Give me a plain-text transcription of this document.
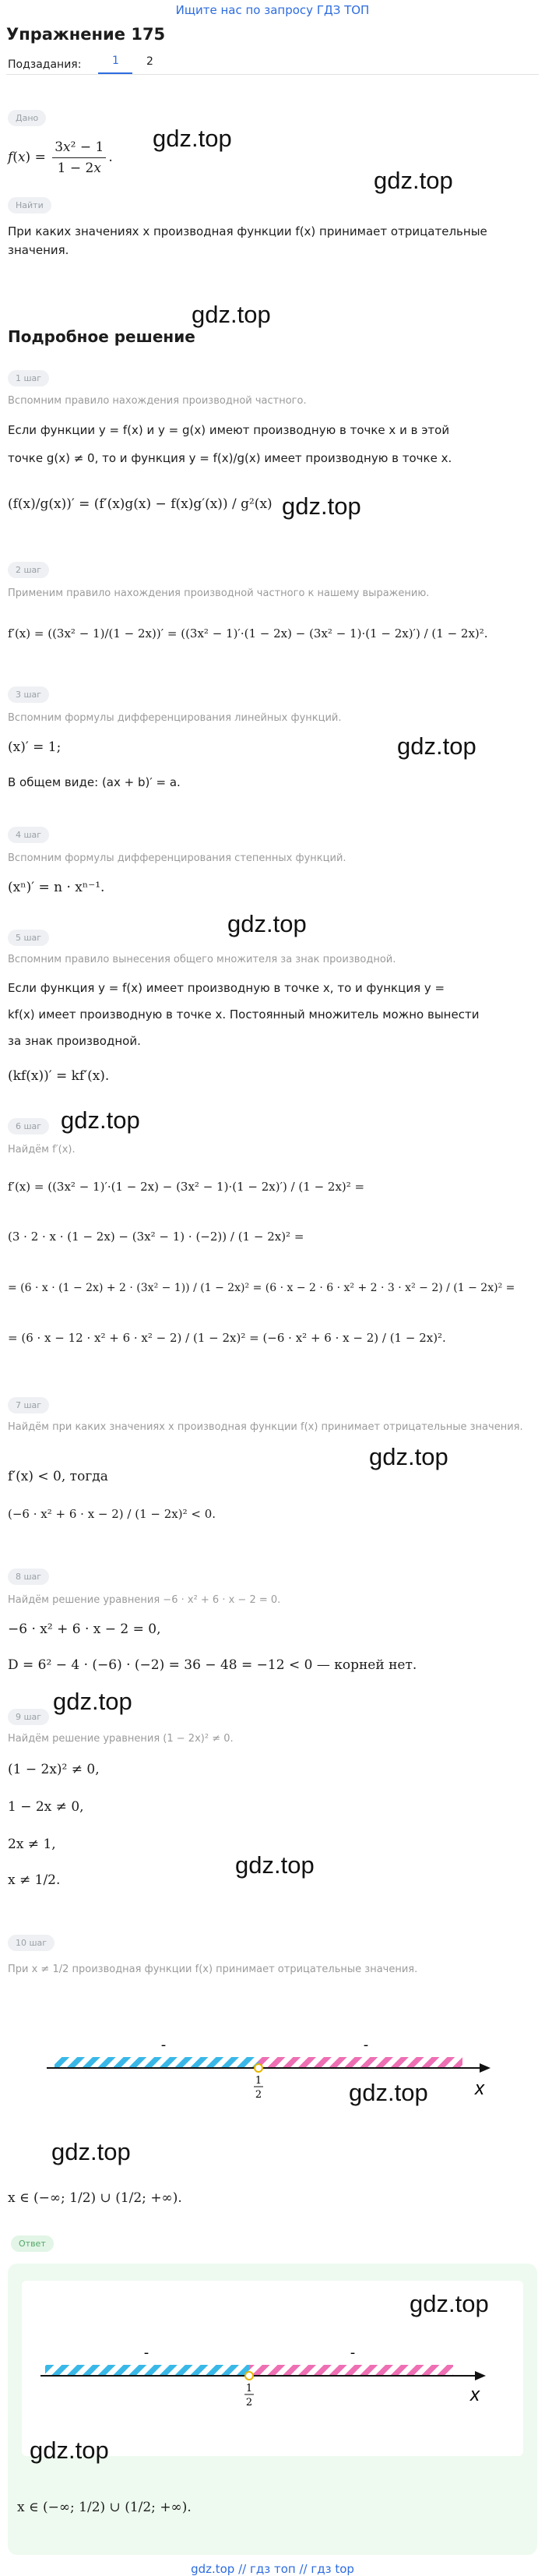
Ищите нас по запросу ГДЗ ТОП
Упражнение 175
Подзадания:	1	2
Дано
$f(x) = \frac{\text{3x² − 1}}{1 - 2x}$ .
gdz.top
gdz.top
Найти
При каких значениях x производная функции f(x) принимает отрицательные значения.
gdz.top
Подробное решение
1 шаг
Вспомним правило нахождения производной частного.
Если функции y = f(x) и y = g(x) имеют производную в точке x и в этой
точке g(x) ≠ 0, то и функция y = f(x)/g(x) имеет производную в точке x.
(f(x)/g(x))′ = (f′(x)g(x) − f(x)g′(x)) / g²(x) gdz.top
2 шаг
Применим правило нахождения производной частного к нашему выражению.
f′(x) = ((3x² − 1)/(1 − 2x))′ = ((3x² − 1)′·(1 − 2x) − (3x² − 1)·(1 − 2x)′) / (1 − 2x)².
3 шаг
Вспомним формулы дифференцирования линейных функций.
(x)′ = 1;
В общем виде: (ax + b)′ = a.
gdz.top
4 шаг
Вспомним формулы дифференцирования степенных функций.
(xⁿ)′ = n · xⁿ⁻¹.
gdz.top
5 шаг
Вспомним правило вынесения общего множителя за знак производной.
Если функция y = f(x) имеет производную в точке x, то и функция y =
kf(x) имеет производную в точке x. Постоянный множитель можно вынести
за знак производной.
(kf(x))′ = kf′(x).
6 шаг gdz.top
Найдём f′(x).
f′(x) = ((3x² − 1)′·(1 − 2x) − (3x² − 1)·(1 − 2x)′) / (1 − 2x)² =
(3 · 2 · x · (1 − 2x) − (3x² − 1) · (−2)) / (1 − 2x)² =
= (6 · x · (1 − 2x) + 2 · (3x² − 1)) / (1 − 2x)² = (6 · x − 2 · 6 · x² + 2 · 3 · x² − 2) / (1 − 2x)² =
= (6 · x − 12 · x² + 6 · x² − 2) / (1 − 2x)² = (−6 · x² + 6 · x − 2) / (1 − 2x)².
7 шаг
Найдём при каких значениях x производная функции f(x) принимает отрицательные значения.
gdz.top
f′(x) < 0, тогда
(−6 · x² + 6 · x − 2) / (1 − 2x)² < 0.
8 шаг
Найдём решение уравнения −6 · x² + 6 · x − 2 = 0.
−6 · x² + 6 · x − 2 = 0,
D = 6² − 4 · (−6) · (−2) = 36 − 48 = −12 < 0 — корней нет.
gdz.top
9 шаг
Найдём решение уравнения (1 − 2x)² ≠ 0.
(1 − 2x)² ≠ 0,
1 − 2x ≠ 0,
2x ≠ 1,
x ≠ 1/2.
gdz.top
10 шаг
При x ≠ 1/2 производная функции f(x) принимает отрицательные значения.
-	-
1
2	x
gdz.top
gdz.top
x ∈ (−∞; 1/2) ∪ (1/2; +∞).
Ответ
-	-
1
2	x
gdz.top
gdz.top
x ∈ (−∞; 1/2) ∪ (1/2; +∞).
gdz.top // гдз топ // гдз top
